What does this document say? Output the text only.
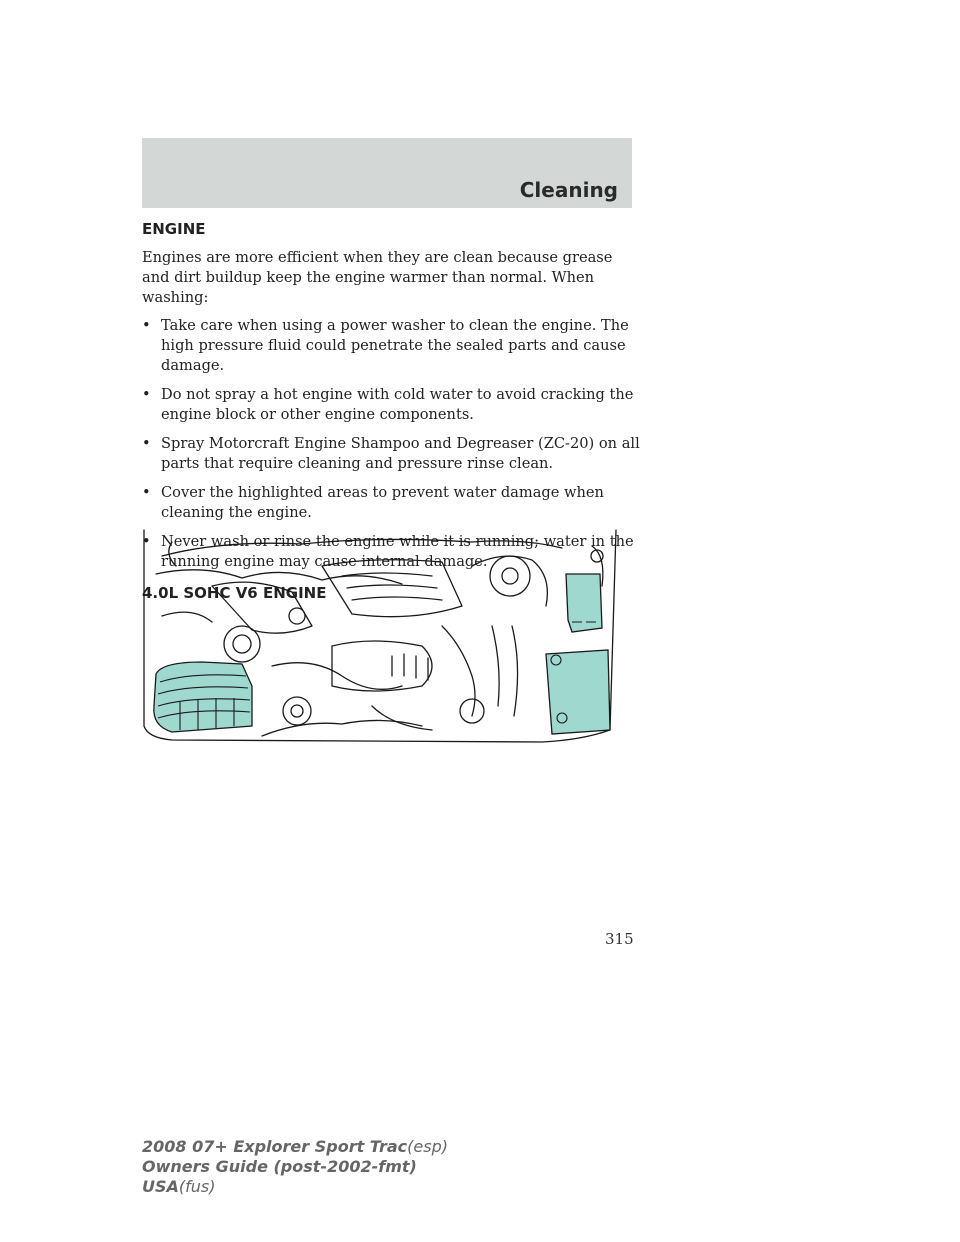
Cleaning
ENGINE

Engines are more efficient when they are clean because grease and dirt buildup keep the engine warmer than normal. When washing:

• Take care when using a power washer to clean the engine. The high pressure fluid could penetrate the sealed parts and cause damage.
• Do not spray a hot engine with cold water to avoid cracking the engine block or other engine components.
• Spray Motorcraft Engine Shampoo and Degreaser (ZC-20) on all parts that require cleaning and pressure rinse clean.
• Cover the highlighted areas to prevent water damage when cleaning the engine.
• Never wash or rinse the engine while it is running; water in the running engine may cause internal damage.
4.0L SOHC V6 ENGINE
315
2008 07+ Explorer Sport Trac(esp)
Owners Guide (post-2002-fmt)
USA(fus)
